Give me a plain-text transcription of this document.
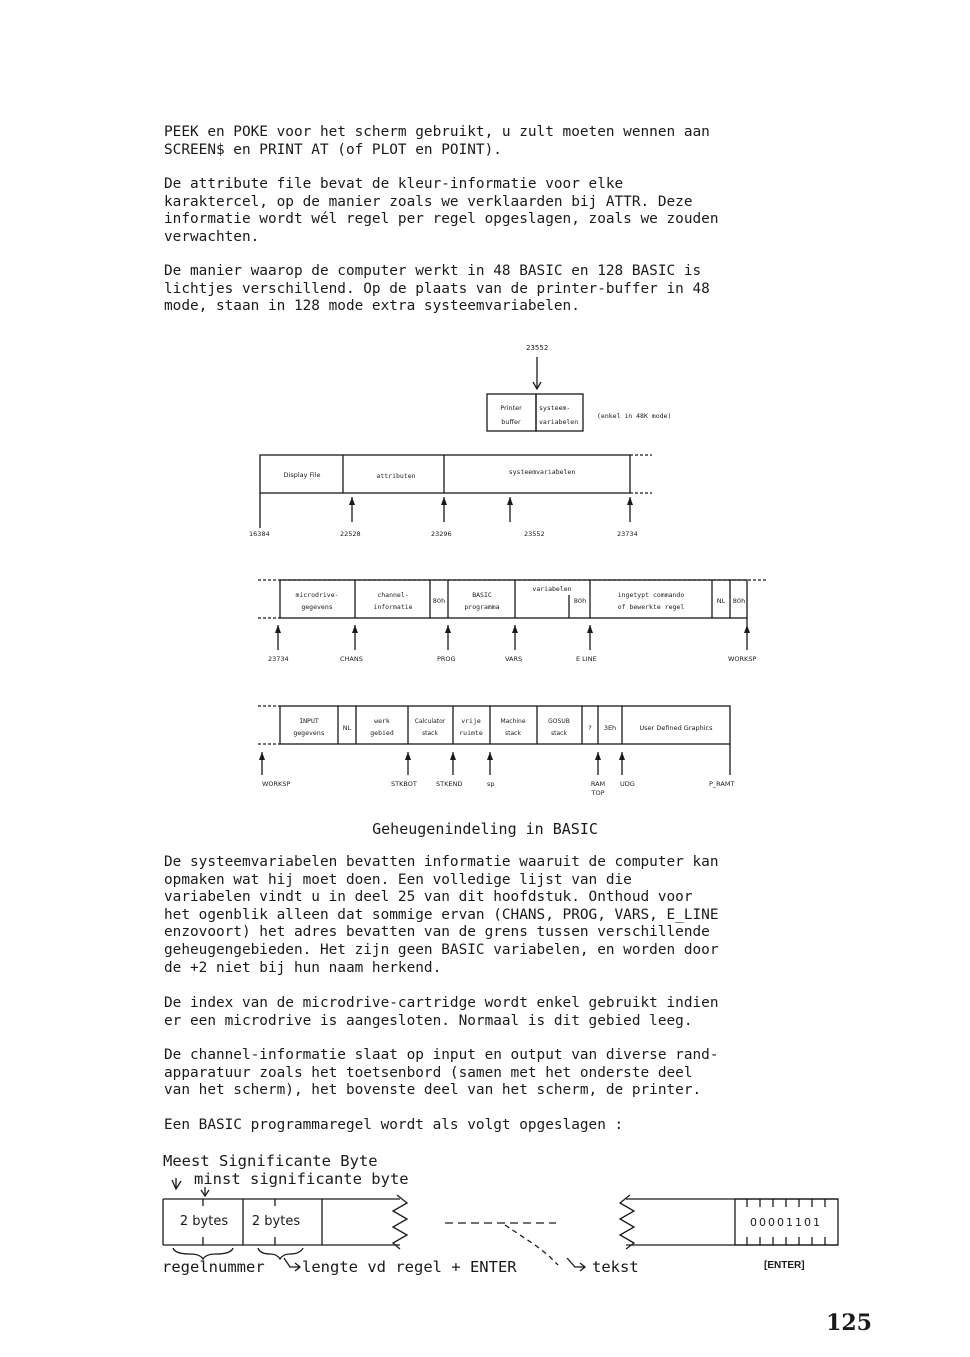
PEEK en POKE voor het scherm gebruikt, u zult moeten wennen aan
SCREEN$ en PRINT AT (of PLOT en POINT).

De attribute file bevat de kleur-informatie voor elke
karaktercel, op de manier zoals we verklaarden bij ATTR. Deze
informatie wordt wél regel per regel opgeslagen, zoals we zouden
verwachten.

De manier waarop de computer werkt in 48 BASIC en 128 BASIC is
lichtjes verschillend. Op de plaats van de printer-buffer in 48
mode, staan in 128 mode extra systeemvariabelen.

23552
Printer
buffer
systeem-
variabelen
(enkel in 48K mode)
Display File	attributen	systeemvariabelen
16384	22528	23296	23552	23734
microdrive-
gegevens
channel-
informatie
80h
BASIC
programma
variabelen
80h
ingetypt commando
of bewerkte regel
NL 80h
23734	CHANS	PROG	VARS	E LINE	WORKSP
INPUT
gegevens
NL
werk
gebied
Calculator
stack
vrije
ruimte
Machine
stack
GOSUB
stack
? 3Eh	User Defined Graphics
WORKSP	STKBOT	STKEND	sp	RAM
TOP
UDG	P_RAMT
Geheugenindeling in BASIC

De systeemvariabelen bevatten informatie waaruit de computer kan
opmaken wat hij moet doen. Een volledige lijst van die
variabelen vindt u in deel 25 van dit hoofdstuk. Onthoud voor
het ogenblik alleen dat sommige ervan (CHANS, PROG, VARS, E_LINE
enzovoort) het adres bevatten van de grens tussen verschillende
geheugengebieden. Het zijn geen BASIC variabelen, en worden door
de +2 niet bij hun naam herkend.

De index van de microdrive-cartridge wordt enkel gebruikt indien
er een microdrive is aangesloten. Normaal is dit gebied leeg.

De channel-informatie slaat op input en output van diverse rand-
apparatuur zoals het toetsenbord (samen met het onderste deel
van het scherm), het bovenste deel van het scherm, de printer.

Een BASIC programmaregel wordt als volgt opgeslagen :

Meest Significante Byte
minst significante byte
2 bytes 2 bytes	00001101
regelnummer lengte vd regel + ENTER	tekst	[ENTER]
125
